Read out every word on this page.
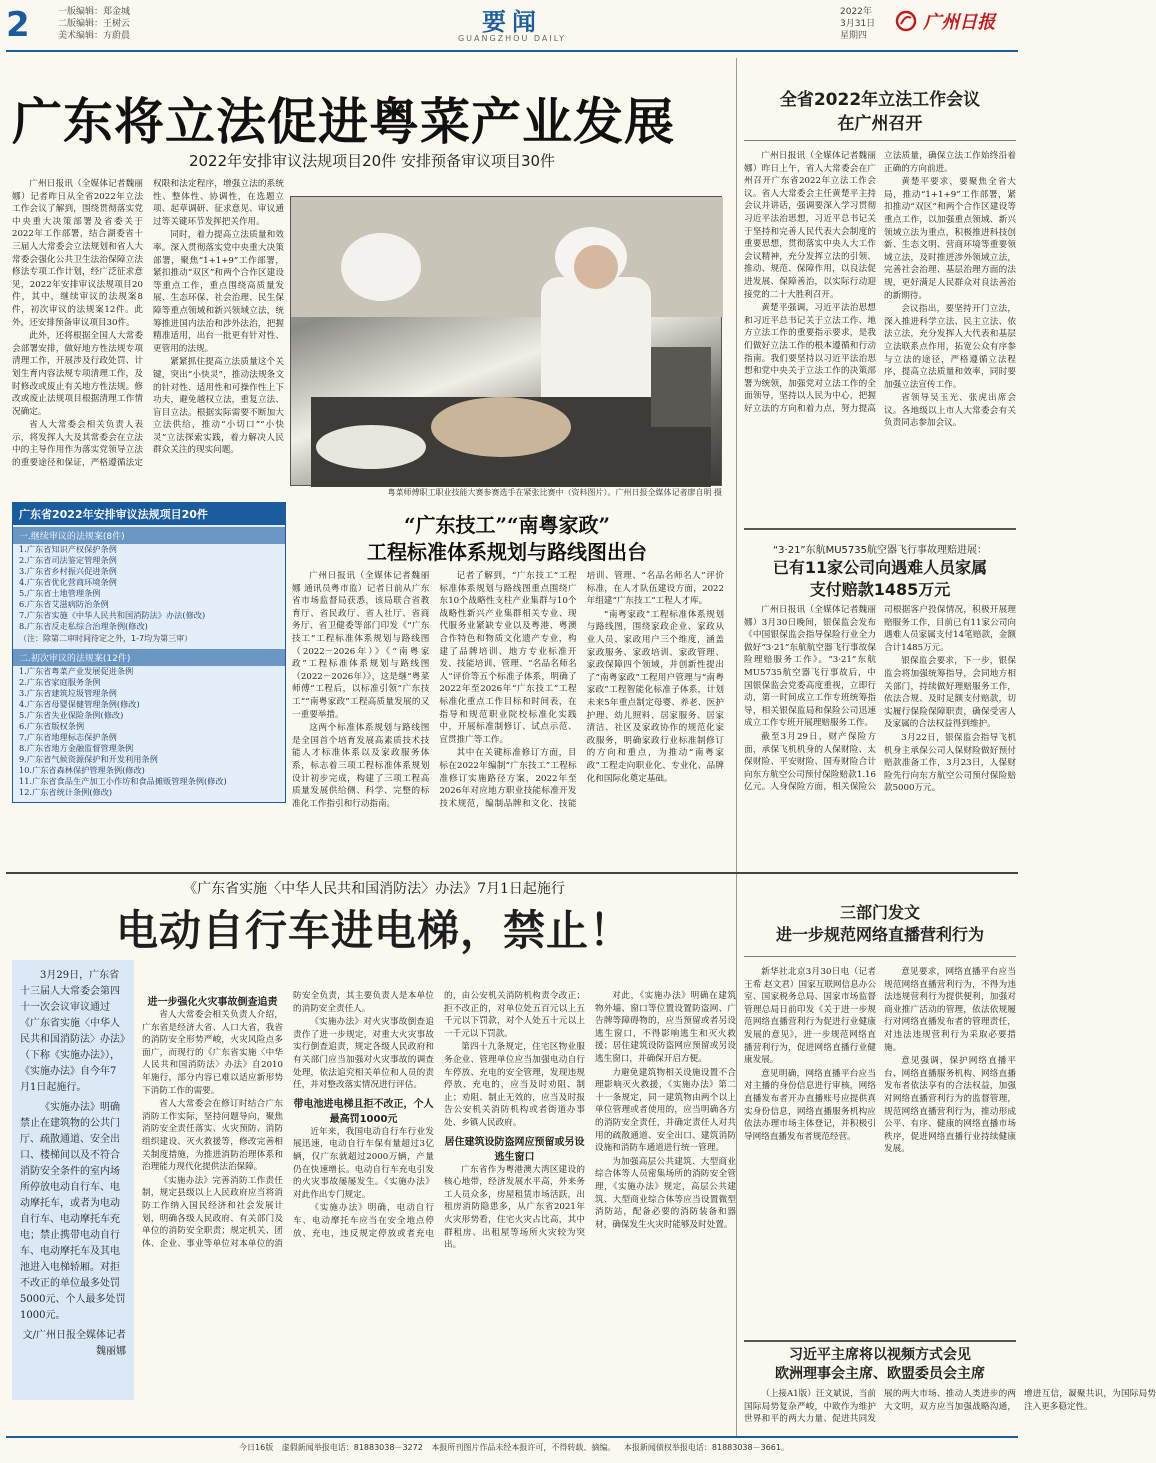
2	一版编辑：郑金城
二版编辑：王树云
美术编辑：方蔚晨	要闻
GUANGZHOU DAILY
2022年
3月31日
星期四
广州日报
广东将立法促进粤菜产业发展
2022年安排审议法规项目20件 安排预备审议项目30件

广州日报讯（全媒体记者魏丽娜）记者昨日从全省2022年立法工作会议了解到，围绕贯彻落实党中央重大决策部署及省委关于2022年工作部署，结合湖委省十三届人大常委会立法规划和省人大常委会强化公共卫生法治保障立法修法专项工作计划，经广泛征求意见，2022年安排审议法规项目20件，其中，继续审议的法规案8件，初次审议的法规案12件。此外，还安排预备审议项目30件。

此外，还将根据全国人大常委会部署安排，做好地方性法规专项清理工作，开展涉及行政处罚、计划生育内容法规专项清理工作，及时修改或废止有关地方性法规。修改或废止法规项目根据清理工作情况确定。

省人大常委会相关负责人表示，将发挥人大及其常委会在立法中的主导作用作为落实党领导立法的重要途径和保证，严格遵循法定权限和法定程序，增强立法的系统性、整体性、协调性，在选题立项、起草调研、征求意见、审议通过等关键环节发挥把关作用。

同时，着力提高立法质量和效率。深入贯彻落实党中央重大决策部署，聚焦“1+1+9”工作部署，紧扣推动“双区”和两个合作区建设等重点工作，重点围绕高质量发展、生态环保、社会治理、民生保障等重点领域和新兴领域立法，统筹推进国内法治和涉外法治，把握精准适用，出台一批更有针对性、更管用的法规。

紧紧抓住提高立法质量这个关键，突出“小快灵”，推动法规条文的针对性、适用性和可操作性上下功夫，避免越权立法，重复立法、盲目立法。根据实际需要不断加大立法供给，推动“小切口”“小快灵”立法探索实践，着力解决人民群众关注的现实问题。

粤菜师傅职工职业技能大赛参赛选手在紧张比赛中（资料图片）。广州日报全媒体记者廖自明 摄
广东省2022年安排审议法规项目20件
一.继续审议的法规案(8件)
1.广东省知识产权保护条例
2.广东省司法鉴定管理条例
3.广东省乡村振兴促进条例
4.广东省优化营商环境条例
5.广东省土地管理条例
6.广东省艾滋病防治条例
7.广东省实施《中华人民共和国消防法》办法(修改)
8.广东省反走私综合治理条例(修改)
（注：除第二审时间待定之外，1-7均为第三审）
二.初次审议的法规案(12件)
1.广东省粤菜产业发展促进条例
2.广东省家庭服务条例
3.广东省建筑垃圾管理条例
4.广东省母婴保健管理条例(修改)
5.广东省失业保险条例(修改)
6.广东省版权条例
7.广东省地理标志保护条例
8.广东省地方金融监督管理条例
9.广东省气候资源保护和开发利用条例
10.广东省森林保护管理条例(修改)
11.广东省食品生产加工小作坊和食品摊贩管理条例(修改)
12.广东省统计条例(修改)
“广东技工”“南粤家政”
工程标准体系规划与路线图出台

广州日报讯（全媒体记者魏丽娜 通讯员粤市监）记者日前从广东省市场监督局获悉，该局联合省教育厅、省民政厅、省人社厅、省商务厅、省卫健委等部门印发《“广东技工”工程标准体系规划与路线图（2022－2026年）》《“南粤家政”工程标准体系规划与路线图（2022－2026年）》，这是继“粤菜师傅”工程后，以标准引领“广东技工”“南粤家政”工程高质量发展的又一重要举措。

这两个标准体系规划与路线图是全国首个培育发展高素质技术技能人才标准体系以及家政服务体系，标志着三项工程标准体系规划设计初步完成，构建了三项工程高质量发展供给侧、科学、完整的标准化工作指引和行动指南。

记者了解到，“广东技工”工程标准体系规划与路线图重点围绕广东10个战略性支柱产业集群与10个战略性新兴产业集群相关专业、现代服务业紧缺专业以及粤港、粤澳合作特色和物质文化遗产专业，构建了品牌培训、地方专业标准开发、技能培训、管理、“名品名师名人”评价等五个标准子体系，明确了2022年至2026年“广东技工”工程标准化重点工作目标和时间表，在指导和规范职业院校标准化实践中，开展标准制修订、试点示范、宣贯推广等工作。

其中在关键标准修订方面，目标在2022年编制“广东技工”工程标准修订实施路径方案，2022年至2026年对应地方职业技能标准开发技术规范，编制品牌和文化、技能培训、管理、“名品名师名人”评价标准，在人才队伍建设方面，2022年组建“广东技工”工程人才库。

“南粤家政”工程标准体系规划与路线图，围绕家政企业、家政从业人员、家政用户三个维度，涵盖家政服务、家政培训、家政管理、家政保障四个领域，并创新性提出了“南粤家政”工程用户管理与“南粤家政”工程智能化标准子体系，计划未来5年重点制定母婴、养老、医护护理、幼儿照料、居家服务、居家清洁、社区及家政协作的规范化家政服务，明确家政行业标准制修订的方向和重点，为推动“南粤家政”工程走向职业化、专业化、品牌化和国际化奠定基础。

全省2022年立法工作会议
在广州召开

广州日报讯（全媒体记者魏丽娜）昨日上午，省人大常委会在广州召开广东省2022年立法工作会议。省人大常委会主任黄楚平主持会议并讲话，强调要深入学习贯彻习近平法治思想，习近平总书记关于坚持和完善人民代表大会制度的重要思想，贯彻落实中央人大工作会议精神，充分发挥立法的引领、推动、规范、保障作用，以良法促进发展、保障善治，以实际行动迎接党的二十大胜利召开。

黄楚平强调，习近平法治思想和习近平总书记关于立法工作、地方立法工作的重要指示要求，是我们做好立法工作的根本遵循和行动指南。我们要坚持以习近平法治思想和党中央关于立法工作的决策部署为统领，加强党对立法工作的全面领导，坚持以人民为中心，把握好立法的方向和着力点，努力提高立法质量，确保立法工作始终沿着正确的方向前进。

黄楚平要求，要聚焦全省大局，推动“1+1+9”工作部署，紧扣推动“双区”和两个合作区建设等重点工作，以加强重点领域、新兴领域立法为重点，积极推进科技创新、生态文明、营商环境等重要领域立法，及时推进涉外领域立法，完善社会治理、基层治理方面的法规，更好满足人民群众对良法善治的新期待。

会议指出，要坚持开门立法，深入推进科学立法、民主立法、依法立法，充分发挥人大代表和基层立法联系点作用，拓宽公众有序参与立法的途径，严格遵循立法程序，提高立法质量和效率，同时要加强立法宣传工作。

省领导吴玉光、张虎出席会议。各地级以上市人大常委会有关负责同志参加会议。

“3·21”东航MU5735航空器飞行事故理赔进展：
已有11家公司向遇难人员家属
支付赔款1485万元

广州日报讯（全媒体记者魏丽娜）3月30日晚间，银保监会发布《中国银保监会指导保险行业全力做好“3·21”东航航空器飞行事故保险理赔服务工作》。“3·21”东航MU5735航空器飞行事故后，中国银保监会党委高度重视，立即行动，第一时间成立工作专班统筹指导，相关银保监局和保险公司迅速成立工作专班开展理赔服务工作。

截至3月29日，财产保险方面，承保飞机机身的人保财险、太保财险、平安财险、国寿财险合计向东方航空公司预付保险赔款1.16亿元。人身保险方面，相关保险公司根据客户投保情况，积极开展理赔服务工作，目前已有11家公司向遇难人员家属支付14笔赔款，金额合计1485万元。

银保监会要求，下一步，银保监会将加强统筹指导，会同地方相关部门，持续做好理赔服务工作，依法合规、及时足额支付赔款，切实履行保险保障职责，确保受害人及家属的合法权益得到维护。

3月22日，银保监会指导飞机机身主承保公司人保财险做好预付赔款准备工作，3月23日，人保财险先行向东方航空公司预付保险赔款5000万元。

《广东省实施〈中华人民共和国消防法〉办法》7月1日起施行
电动自行车进电梯，禁止！

3月29日，广东省十三届人大常委会第四十一次会议审议通过《广东省实施〈中华人民共和国消防法〉办法》（下称《实施办法》），《实施办法》自今年7月1日起施行。

《实施办法》明确禁止在建筑物的公共门厅、疏散通道、安全出口、楼梯间以及不符合消防安全条件的室内场所停放电动自行车、电动摩托车，或者为电动自行车、电动摩托车充电；禁止携带电动自行车、电动摩托车及其电池进入电梯轿厢。对拒不改正的单位最多处罚5000元、个人最多处罚1000元。

文/广州日报全媒体记者魏丽娜

进一步强化火灾事故倒查追责

省人大常委会相关负责人介绍，广东省是经济大省、人口大省，我省的消防安全形势严峻，火灾风险点多面广，而现行的《广东省实施〈中华人民共和国消防法〉办法》自2010年施行，部分内容已难以适应新形势下消防工作的需要。

省人大常委会在修订时结合广东消防工作实际，坚持问题导向，聚焦消防安全责任落实、火灾预防、消防组织建设、灭火救援等，修改完善相关制度措施，为推进消防治理体系和治理能力现代化提供法治保障。

《实施办法》完善消防工作责任制，规定县级以上人民政府应当将消防工作纳入国民经济和社会发展计划，明确各级人民政府、有关部门及单位的消防安全职责；规定机关、团体、企业、事业等单位对本单位的消防安全负责，其主要负责人是本单位的消防安全责任人。

《实施办法》对火灾事故倒查追责作了进一步规定，对重大火灾事故实行倒查追责，规定各级人民政府和有关部门应当加强对火灾事故的调查处理，依法追究相关单位和人员的责任，并对整改落实情况进行评估。

带电池进电梯且拒不改正，个人最高罚1000元

近年来，我国电动自行车行业发展迅速，电动自行车保有量超过3亿辆，仅广东就超过2000万辆，产量仍在快速增长。电动自行车充电引发的火灾事故屡屡发生。《实施办法》对此作出专门规定。

《实施办法》明确，电动自行车、电动摩托车应当在安全地点停放、充电，违反规定停放或者充电的，由公安机关消防机构责令改正；拒不改正的，对单位处五百元以上五千元以下罚款，对个人处五十元以上一千元以下罚款。

第四十九条规定，住宅区物业服务企业、管理单位应当加强电动自行车停放、充电的安全管理，发现违规停放、充电的，应当及时劝阻、制止；劝阻、制止无效的，应当及时报告公安机关消防机构或者街道办事处、乡镇人民政府。

居住建筑设防盗网应预留或另设逃生窗口

广东省作为粤港澳大湾区建设的核心地带，经济发展水平高，外来务工人员众多，房屋租赁市场活跃，出租房消防隐患多，从广东省2021年火灾形势看，住宅火灾占比高，其中群租房、出租屋等场所火灾较为突出。

对此，《实施办法》明确在建筑物外墙、窗口等位置设置防盗网、广告牌等障碍物的，应当预留或者另设逃生窗口，不得影响逃生和灭火救援；居住建筑设防盗网应预留或另设逃生窗口，并确保开启方便。

力避免建筑物相关设施设置不合理影响灭火救援，《实施办法》第二十一条规定，同一建筑物由两个以上单位管理或者使用的，应当明确各方的消防安全责任，并确定责任人对共用的疏散通道、安全出口、建筑消防设施和消防车通道进行统一管理。

为加强高层公共建筑、大型商业综合体等人员密集场所的消防安全管理，《实施办法》规定，高层公共建筑、大型商业综合体等应当设置微型消防站，配备必要的消防装备和器材，确保发生火灾时能够及时处置。

三部门发文
进一步规范网络直播营利行为

新华社北京3月30日电（记者王希 赵文君）国家互联网信息办公室、国家税务总局、国家市场监督管理总局日前印发《关于进一步规范网络直播营利行为促进行业健康发展的意见》，进一步规范网络直播营利行为，促进网络直播行业健康发展。

意见明确，网络直播平台应当对主播的身份信息进行审核，网络直播发布者开办直播账号应提供真实身份信息，网络直播服务机构应依法办理市场主体登记，并积极引导网络直播发布者规范经营。

意见要求，网络直播平台应当规范网络直播营利行为，不得为违法违规营利行为提供便利，加强对商业推广活动的管理，依法依规履行对网络直播发布者的管理责任，对违法违规营利行为采取必要措施。

意见强调，保护网络直播平台、网络直播服务机构、网络直播发布者依法享有的合法权益，加强对网络直播营利行为的监督管理，规范网络直播营利行为，推动形成公平、有序、健康的网络直播市场秩序，促进网络直播行业持续健康发展。

习近平主席将以视频方式会见
欧洲理事会主席、欧盟委员会主席

（上接A1版）汪文斌说，当前国际局势复杂严峻，中欧作为维护世界和平的两大力量、促进共同发展的两大市场、推动人类进步的两大文明，双方应当加强战略沟通，增进互信，凝聚共识，为国际局势注入更多稳定性。

今日16版 虚假新闻举报电话：81883038－3272 本报所刊图片作品未经本报许可，不得转载、摘编。 本报新闻债权举报电话：81883038－3661。
